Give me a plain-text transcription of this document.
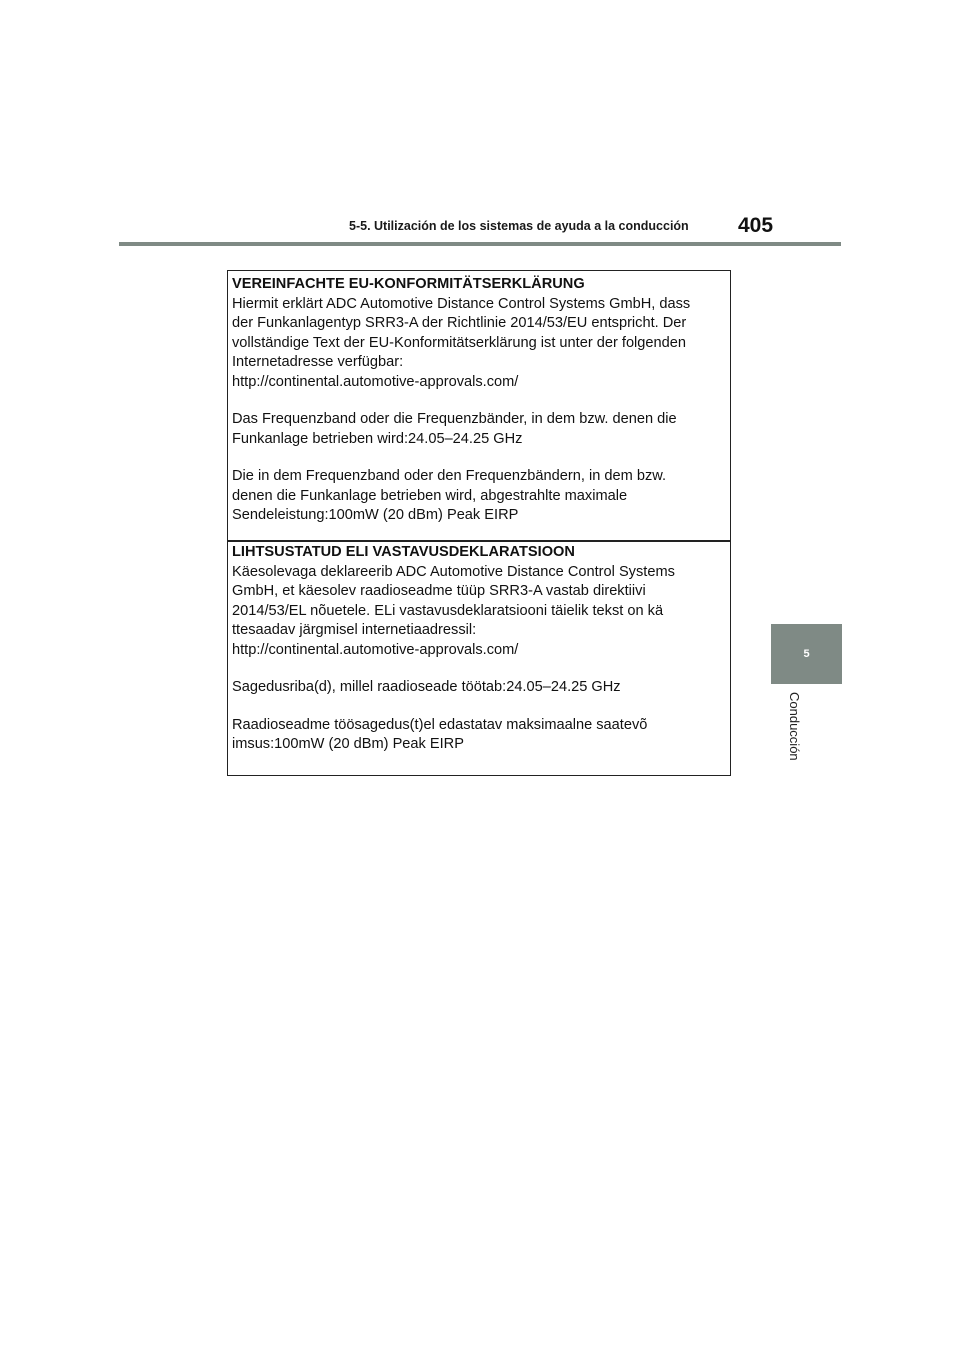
5-5. Utilización de los sistemas de ayuda a la conducción 405
5
Conducción
VEREINFACHTE EU-KONFORMITÄTSERKLÄRUNG
Hiermit erklärt ADC Automotive Distance Control Systems GmbH, dass
der Funkanlagentyp SRR3-A der Richtlinie 2014/53/EU entspricht. Der
vollständige Text der EU-Konformitätserklärung ist unter der folgenden
Internetadresse verfügbar:
http://continental.automotive-approvals.com/
Das Frequenzband oder die Frequenzbänder, in dem bzw. denen die
Funkanlage betrieben wird:24.05–24.25 GHz
Die in dem Frequenzband oder den Frequenzbändern, in dem bzw.
denen die Funkanlage betrieben wird, abgestrahlte maximale
Sendeleistung:100mW (20 dBm) Peak EIRP
LIHTSUSTATUD ELI VASTAVUSDEKLARATSIOON
Käesolevaga deklareerib ADC Automotive Distance Control Systems
GmbH, et käesolev raadioseadme tüüp SRR3-A vastab direktiivi
2014/53/EL nõuetele. ELi vastavusdeklaratsiooni täielik tekst on kä
ttesaadav järgmisel internetiaadressil:
http://continental.automotive-approvals.com/
Sagedusriba(d), millel raadioseade töötab:24.05–24.25 GHz
Raadioseadme töösagedus(t)el edastatav maksimaalne saatevõ
imsus:100mW (20 dBm) Peak EIRP
